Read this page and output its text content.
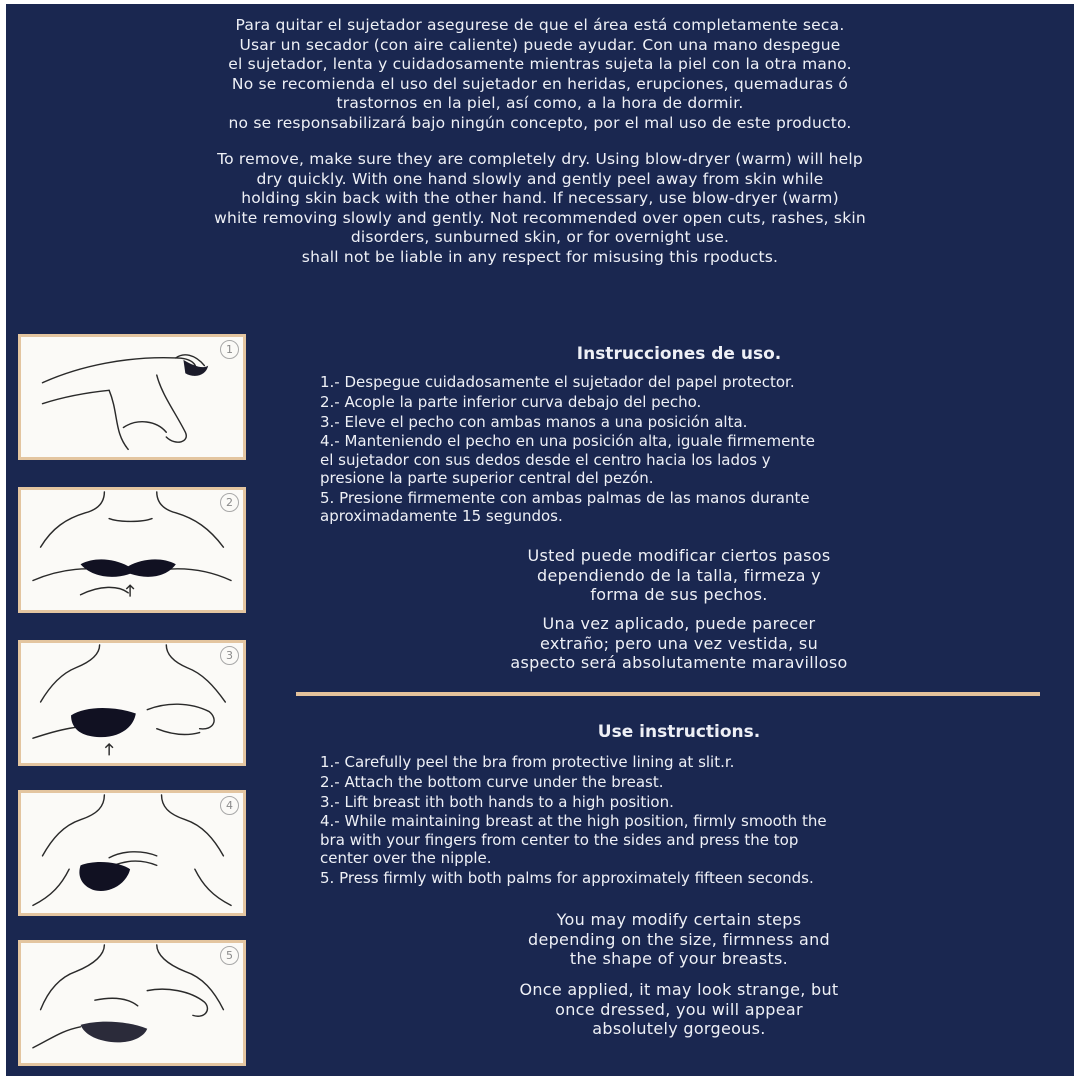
Para quitar el sujetador asegurese de que el área está completamente seca.
Usar un secador (con aire caliente) puede ayudar. Con una mano despegue
el sujetador, lenta y cuidadosamente mientras sujeta la piel con la otra mano.
No se recomienda el uso del sujetador en heridas, erupciones, quemaduras ó
trastornos en la piel, así como, a la hora de dormir.
no se responsabilizará bajo ningún concepto, por el mal uso de este producto.
To remove, make sure they are completely dry. Using blow-dryer (warm) will help
dry quickly. With one hand slowly and gently peel away from skin while
holding skin back with the other hand. If necessary, use blow-dryer (warm)
white removing slowly and gently. Not recommended over open cuts, rashes, skin
disorders, sunburned skin, or for overnight use.
shall not be liable in any respect for misusing this rpoducts.
1
2
3
4
5
Instrucciones de uso.
1.- Despegue cuidadosamente el sujetador del papel protector.
2.- Acople la parte inferior curva debajo del pecho.
3.- Eleve el pecho con ambas manos a una posición alta.
4.- Manteniendo el pecho en una posición alta, iguale firmemente
el sujetador con sus dedos desde el centro hacia los lados y
presione la parte superior central del pezón.
5. Presione firmemente con ambas palmas de las manos durante
aproximadamente 15 segundos.
Usted puede modificar ciertos pasos
dependiendo de la talla, firmeza y
forma de sus pechos.
Una vez aplicado, puede parecer
extraño; pero una vez vestida, su
aspecto será absolutamente maravilloso
Use instructions.
1.- Carefully peel the bra from protective lining at slit.r.
2.- Attach the bottom curve under the breast.
3.- Lift breast ith both hands to a high position.
4.- While maintaining breast at the high position, firmly smooth the
bra with your fingers from center to the sides and press the top
center over the nipple.
5. Press firmly with both palms for approximately fifteen seconds.
You may modify certain steps
depending on the size, firmness and
the shape of your breasts.
Once applied, it may look strange, but
once dressed, you will appear
absolutely gorgeous.
